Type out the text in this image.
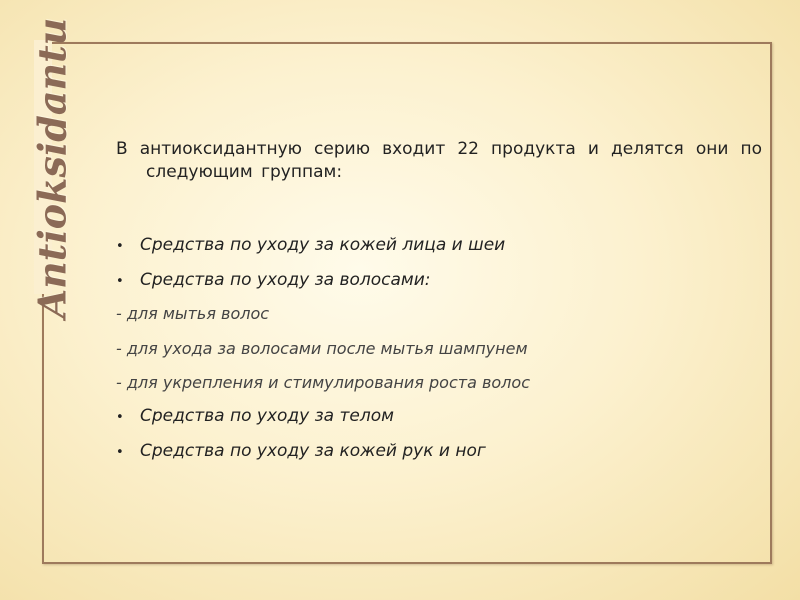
Antioksidantu В антиоксидантную серию входит 22 продукта и делятся они по следующим группам:
• Средства по уходу за кожей лица и шеи
• Средства по уходу за волосами:
- для мытья волос
- для ухода за волосами после мытья шампунем
- для укрепления и стимулирования роста волос
• Средства по уходу за телом
• Средства по уходу за кожей рук и ног
